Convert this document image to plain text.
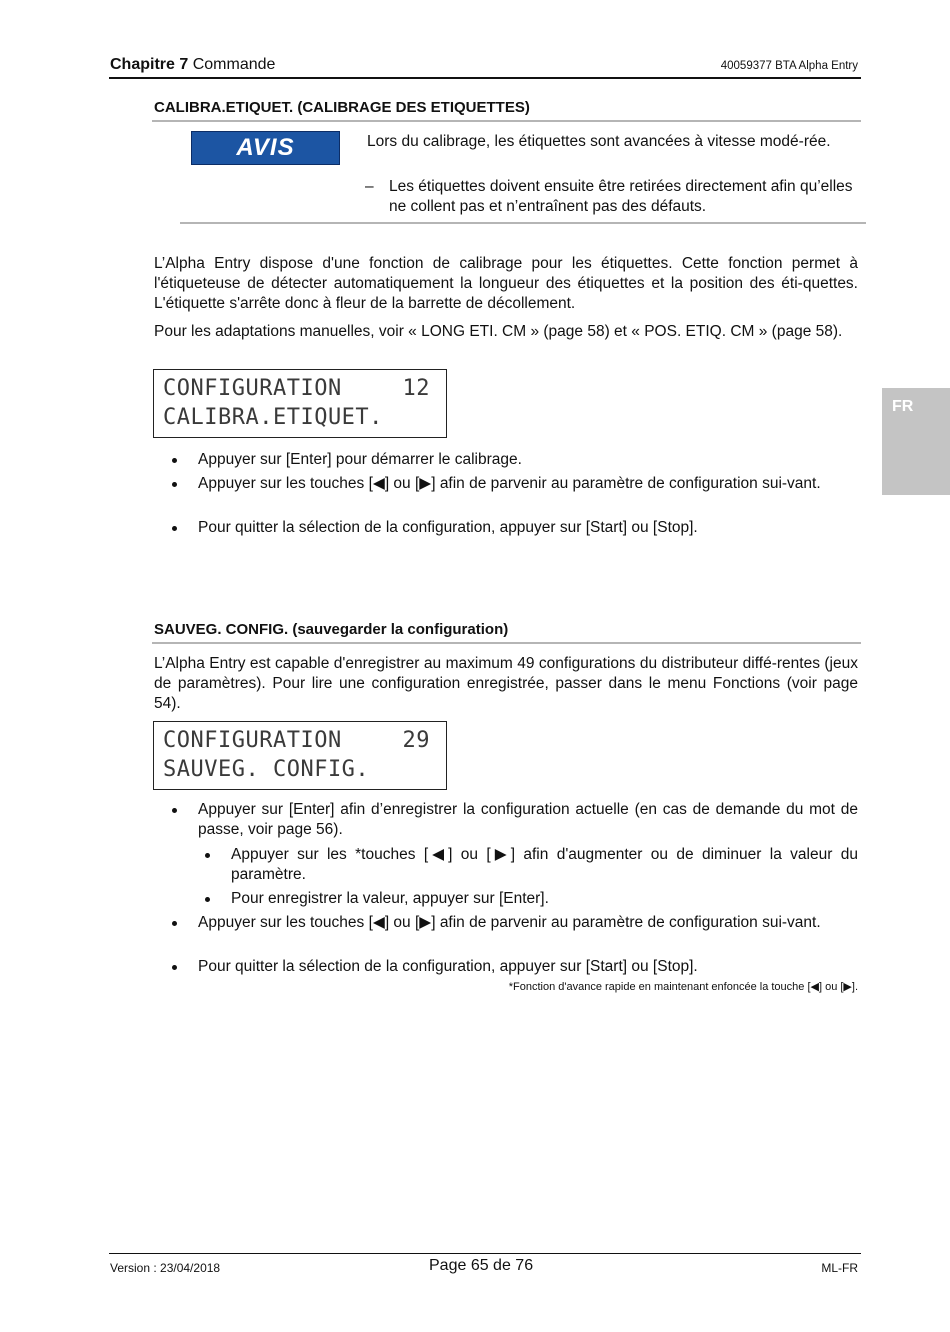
Chapitre 7 Commande	40059377 BTA Alpha Entry
FR
CALIBRA.ETIQUET. (CALIBRAGE DES ETIQUETTES)
AVIS	Lors du calibrage, les étiquettes sont avancées à vitesse modé-rée.
– Les étiquettes doivent ensuite être retirées directement afin qu’elles ne collent pas et n’entraînent pas des défauts.
L’Alpha Entry dispose d'une fonction de calibrage pour les étiquettes. Cette fonction permet à l'étiqueteuse de détecter automatiquement la longueur des étiquettes et la position des éti-quettes. L'étiquette s'arrête donc à fleur de la barrette de décollement.
Pour les adaptations manuelles, voir « LONG ETI. CM » (page 58) et « POS. ETIQ. CM » (page 58).
CONFIGURATION	12
CALIBRA.ETIQUET.
Appuyer sur [Enter] pour démarrer le calibrage.
Appuyer sur les touches [◀] ou [▶] afin de parvenir au paramètre de configuration sui-vant.
Pour quitter la sélection de la configuration, appuyer sur [Start] ou [Stop].
SAUVEG. CONFIG. (sauvegarder la configuration)
L’Alpha Entry est capable d'enregistrer au maximum 49 configurations du distributeur diffé-rentes (jeux de paramètres). Pour lire une configuration enregistrée, passer dans le menu Fonctions (voir page 54).
CONFIGURATION	29
SAUVEG. CONFIG.
Appuyer sur [Enter] afin d’enregistrer la configuration actuelle (en cas de demande du mot de passe, voir page 56).
Appuyer sur les *touches [◀] ou [▶] afin d'augmenter ou de diminuer la valeur du paramètre.
Pour enregistrer la valeur, appuyer sur [Enter].
Appuyer sur les touches [◀] ou [▶] afin de parvenir au paramètre de configuration sui-vant.
Pour quitter la sélection de la configuration, appuyer sur [Start] ou [Stop].
*Fonction d'avance rapide en maintenant enfoncée la touche [◀] ou [▶].
Version : 23/04/2018	Page 65 de 76	ML-FR
